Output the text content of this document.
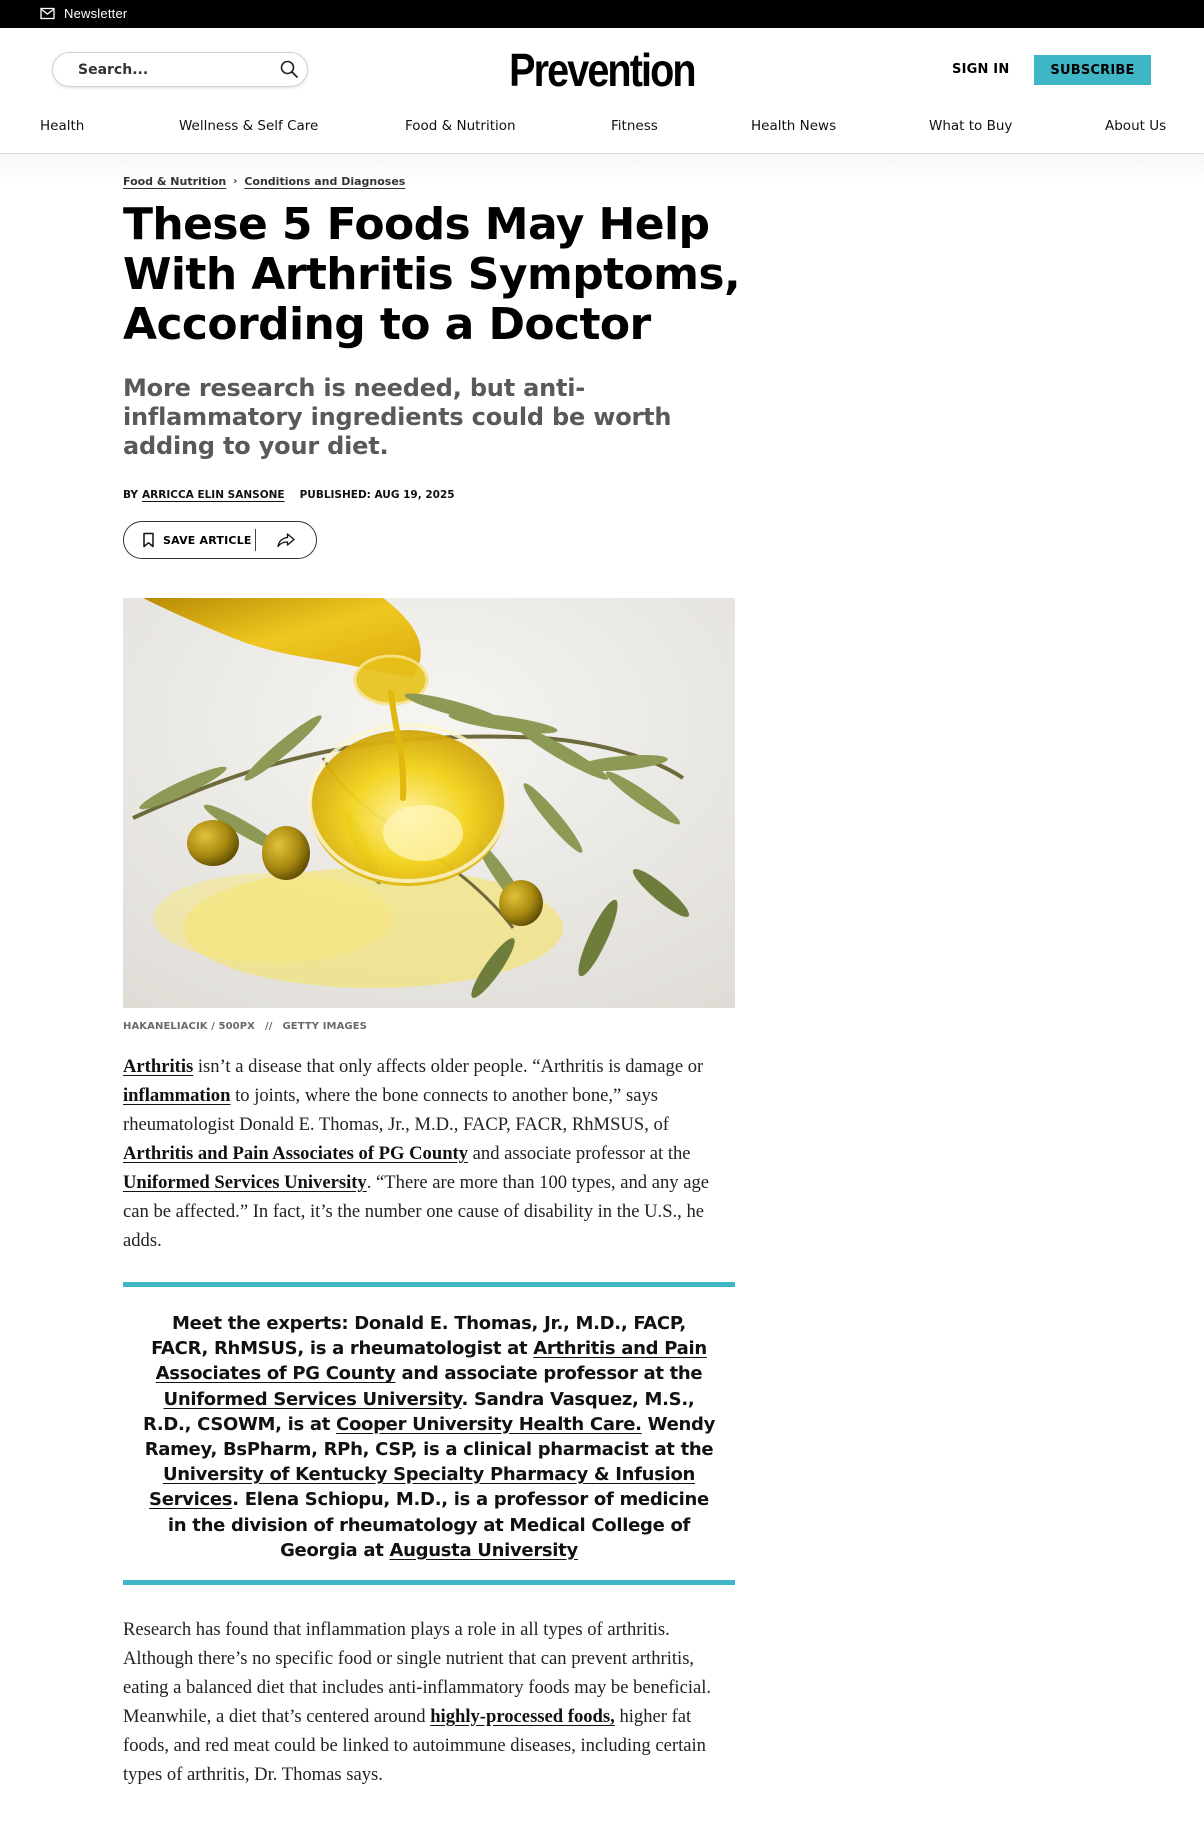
Newsletter
Search...
Prevention	SIGN IN	SUBSCRIBE
Health	Wellness & Self Care	Food & Nutrition	Fitness	Health News	What to Buy	About Us
Food & Nutrition › Conditions and Diagnoses
These 5 Foods May Help With Arthritis Symptoms, According to a Doctor

More research is needed, but anti-inflammatory ingredients could be worth adding to your diet.

BY ARRICCA ELIN SANSONE PUBLISHED: AUG 19, 2025
SAVE ARTICLE
HAKANELIACIK / 500PX // GETTY IMAGES

Arthritis isn’t a disease that only affects older people. “Arthritis is damage or inflammation to joints, where the bone connects to another bone,” says rheumatologist Donald E. Thomas, Jr., M.D., FACP, FACR, RhMSUS, of Arthritis and Pain Associates of PG County and associate professor at the Uniformed Services University. “There are more than 100 types, and any age can be affected.” In fact, it’s the number one cause of disability in the U.S., he adds.

Meet the experts: Donald E. Thomas, Jr., M.D., FACP, FACR, RhMSUS, is a rheumatologist at Arthritis and Pain Associates of PG County and associate professor at the Uniformed Services University. Sandra Vasquez, M.S., R.D., CSOWM, is at Cooper University Health Care. Wendy Ramey, BsPharm, RPh, CSP, is a clinical pharmacist at the University of Kentucky Specialty Pharmacy & Infusion Services. Elena Schiopu, M.D., is a professor of medicine in the division of rheumatology at Medical College of Georgia at Augusta University

Research has found that inflammation plays a role in all types of arthritis. Although there’s no specific food or single nutrient that can prevent arthritis, eating a balanced diet that includes anti-inflammatory foods may be beneficial. Meanwhile, a diet that’s centered around highly-processed foods, higher fat foods, and red meat could be linked to autoimmune diseases, including certain types of arthritis, Dr. Thomas says.
